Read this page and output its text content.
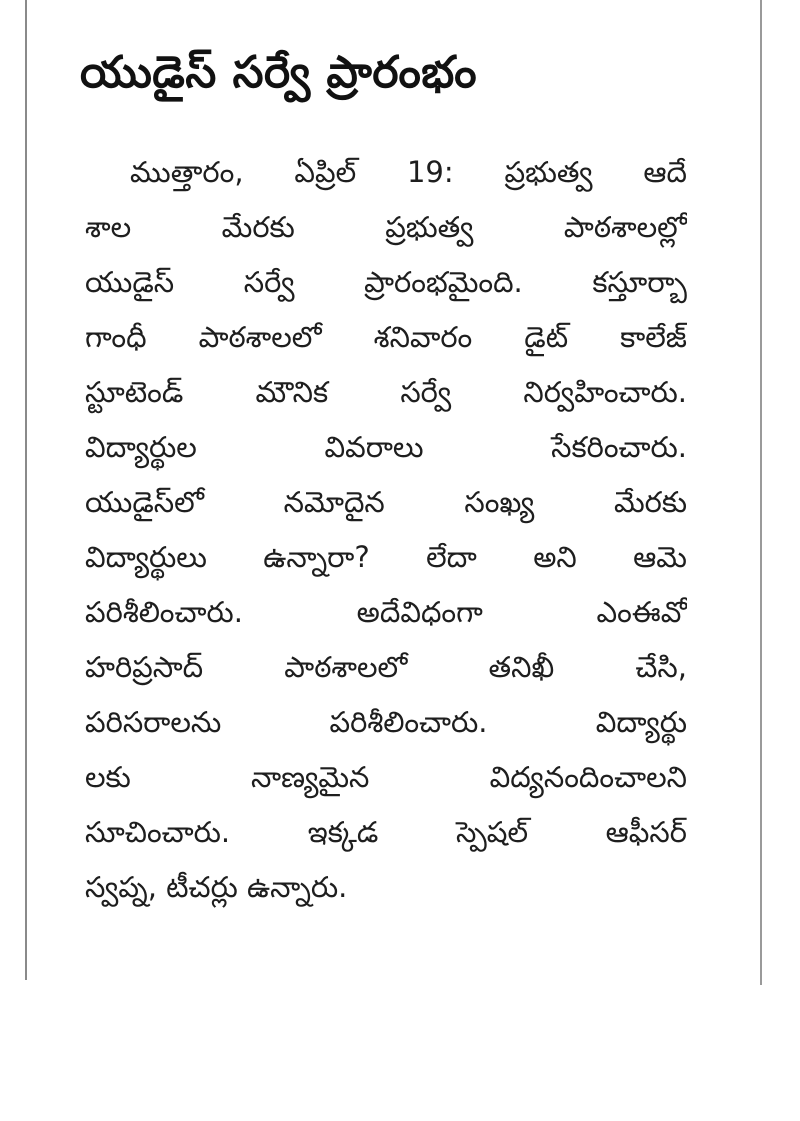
యుడైస్ సర్వే ప్రారంభం
ముత్తారం, ఏప్రిల్ 19: ప్రభుత్వ ఆదే
శాల మేరకు ప్రభుత్వ పాఠశాలల్లో
యుడైస్ సర్వే ప్రారంభమైంది. కస్తూర్బా
గాంధీ పాఠశాలలో శనివారం డైట్ కాలేజ్
స్టూటెండ్ మౌనిక సర్వే నిర్వహించారు.
విద్యార్థుల వివరాలు సేకరించారు.
యుడైస్‌లో నమోదైన సంఖ్య మేరకు
విద్యార్థులు ఉన్నారా? లేదా అని ఆమె
పరిశీలించారు. అదేవిధంగా ఎంఈవో
హరిప్రసాద్ పాఠశాలలో తనిఖీ చేసి,
పరిసరాలను పరిశీలించారు. విద్యార్థు
లకు నాణ్యమైన విద్యనందించాలని
సూచించారు. ఇక్కడ స్పెషల్ ఆఫీసర్
స్వప్న, టీచర్లు ఉన్నారు.
